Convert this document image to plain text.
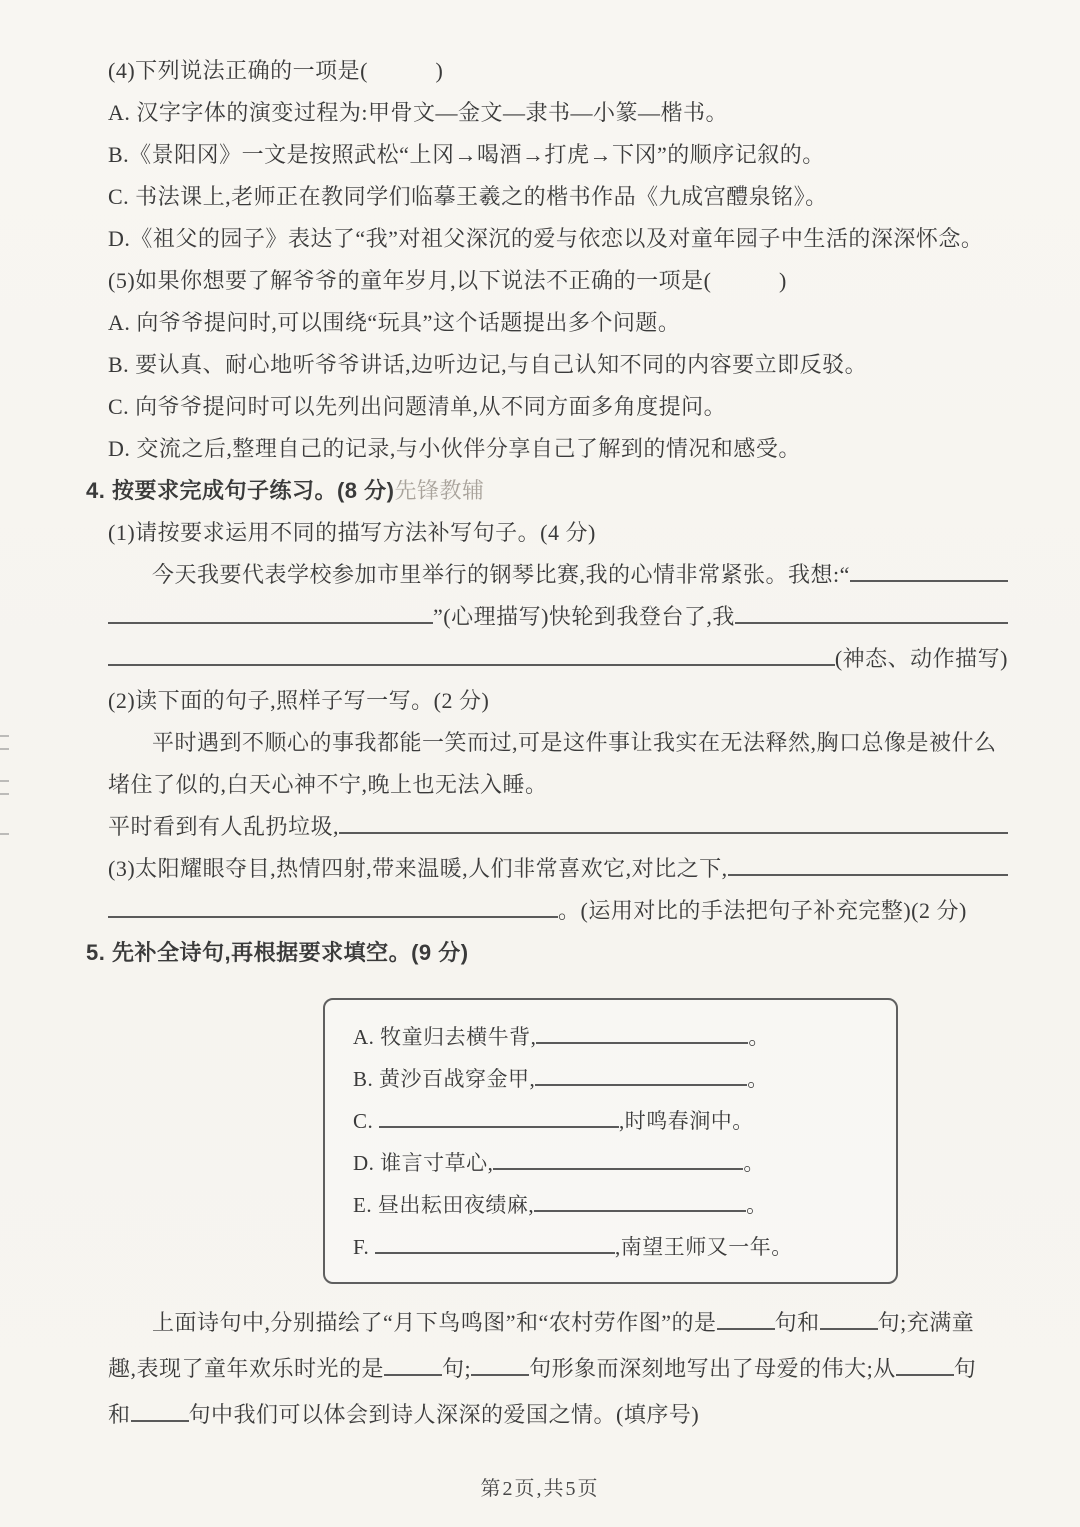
(4)下列说法正确的一项是(　　　)
A. 汉字字体的演变过程为:甲骨文—金文—隶书—小篆—楷书。
B.《景阳冈》一文是按照武松“上冈→喝酒→打虎→下冈”的顺序记叙的。
C. 书法课上,老师正在教同学们临摹王羲之的楷书作品《九成宫醴泉铭》。
D.《祖父的园子》表达了“我”对祖父深沉的爱与依恋以及对童年园子中生活的深深怀念。
(5)如果你想要了解爷爷的童年岁月,以下说法不正确的一项是(　　　)
A. 向爷爷提问时,可以围绕“玩具”这个话题提出多个问题。
B. 要认真、耐心地听爷爷讲话,边听边记,与自己认知不同的内容要立即反驳。
C. 向爷爷提问时可以先列出问题清单,从不同方面多角度提问。
D. 交流之后,整理自己的记录,与小伙伴分享自己了解到的情况和感受。
4. 按要求完成句子练习。(8 分) 先锋教辅
(1)请按要求运用不同的描写方法补写句子。(4 分)
今天我要代表学校参加市里举行的钢琴比赛,我的心情非常紧张。我想:“
”(心理描写)快轮到我登台了,我
(神态、动作描写)
(2)读下面的句子,照样子写一写。(2 分)
平时遇到不顺心的事我都能一笑而过,可是这件事让我实在无法释然,胸口总像是被什么
堵住了似的,白天心神不宁,晚上也无法入睡。
平时看到有人乱扔垃圾,
(3)太阳耀眼夺目,热情四射,带来温暖,人们非常喜欢它,对比之下,
。(运用对比的手法把句子补充完整)(2 分)
5. 先补全诗句,再根据要求填空。(9 分)
A. 牧童归去横牛背,	。
B. 黄沙百战穿金甲,	。
C.	,时鸣春涧中。
D. 谁言寸草心,	。
E. 昼出耘田夜绩麻,	。
F.	,南望王师又一年。
上面诗句中,分别描绘了“月下鸟鸣图”和“农村劳作图”的是	句和	句;充满童
趣,表现了童年欢乐时光的是	句;	句形象而深刻地写出了母爱的伟大;从	句
和	句中我们可以体会到诗人深深的爱国之情。(填序号)
第2页,共5页
